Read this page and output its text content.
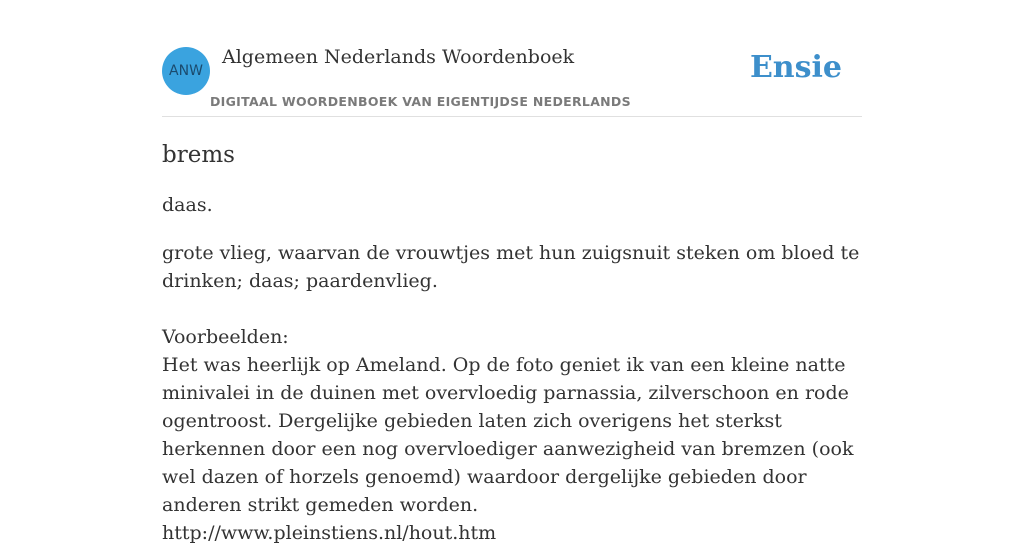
ANW
Algemeen Nederlands Woordenboek
DIGITAAL WOORDENBOEK VAN EIGENTIJDSE NEDERLANDS
Ensie
brems
daas.

grote vlieg, waarvan de vrouwtjes met hun zuigsnuit steken om bloed te drinken; daas; paardenvlieg.

Voorbeelden:

Het was heerlijk op Ameland. Op de foto geniet ik van een kleine natte minivalei in de duinen met overvloedig parnassia, zilverschoon en rode ogentroost. Dergelijke gebieden laten zich overigens het sterkst herkennen door een nog overvloediger aanwezigheid van bremzen (ook wel dazen of horzels genoemd) waardoor dergelijke gebieden door anderen strikt gemeden worden.

http://www.pleinstiens.nl/hout.htm
